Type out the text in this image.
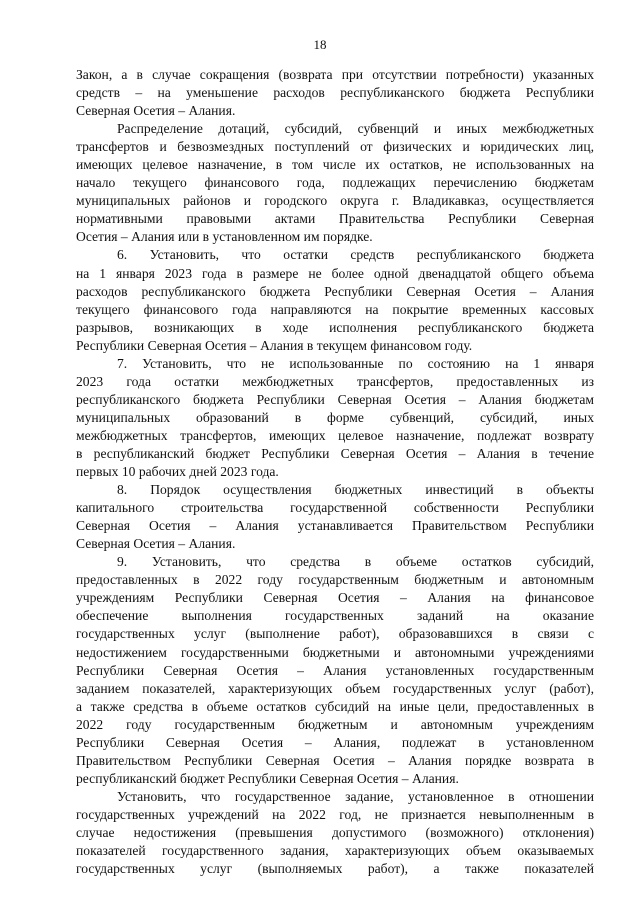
18
Закон, а в случае сокращения (возврата при отсутствии потребности) указанных
средств – на уменьшение расходов республиканского бюджета Республики
Северная Осетия – Алания.
Распределение дотаций, субсидий, субвенций и иных межбюджетных
трансфертов и безвозмездных поступлений от физических и юридических лиц,
имеющих целевое назначение, в том числе их остатков, не использованных на
начало текущего финансового года, подлежащих перечислению бюджетам
муниципальных районов и городского округа г. Владикавказ, осуществляется
нормативными правовыми актами Правительства Республики Северная
Осетия – Алания или в установленном им порядке.
6. Установить, что остатки средств республиканского бюджета
на 1 января 2023 года в размере не более одной двенадцатой общего объема
расходов республиканского бюджета Республики Северная Осетия – Алания
текущего финансового года направляются на покрытие временных кассовых
разрывов, возникающих в ходе исполнения республиканского бюджета
Республики Северная Осетия – Алания в текущем финансовом году.
7. Установить, что не использованные по состоянию на 1 января
2023 года остатки межбюджетных трансфертов, предоставленных из
республиканского бюджета Республики Северная Осетия – Алания бюджетам
муниципальных образований в форме субвенций, субсидий, иных
межбюджетных трансфертов, имеющих целевое назначение, подлежат возврату
в республиканский бюджет Республики Северная Осетия – Алания в течение
первых 10 рабочих дней 2023 года.
8. Порядок осуществления бюджетных инвестиций в объекты
капитального строительства государственной собственности Республики
Северная Осетия – Алания устанавливается Правительством Республики
Северная Осетия – Алания.
9. Установить, что средства в объеме остатков субсидий,
предоставленных в 2022 году государственным бюджетным и автономным
учреждениям Республики Северная Осетия – Алания на финансовое
обеспечение выполнения государственных заданий на оказание
государственных услуг (выполнение работ), образовавшихся в связи с
недостижением государственными бюджетными и автономными учреждениями
Республики Северная Осетия – Алания установленных государственным
заданием показателей, характеризующих объем государственных услуг (работ),
а также средства в объеме остатков субсидий на иные цели, предоставленных в
2022 году государственным бюджетным и автономным учреждениям
Республики Северная Осетия – Алания, подлежат в установленном
Правительством Республики Северная Осетия – Алания порядке возврата в
республиканский бюджет Республики Северная Осетия – Алания.
Установить, что государственное задание, установленное в отношении
государственных учреждений на 2022 год, не признается невыполненным в
случае недостижения (превышения допустимого (возможного) отклонения)
показателей государственного задания, характеризующих объем оказываемых
государственных услуг (выполняемых работ), а также показателей
